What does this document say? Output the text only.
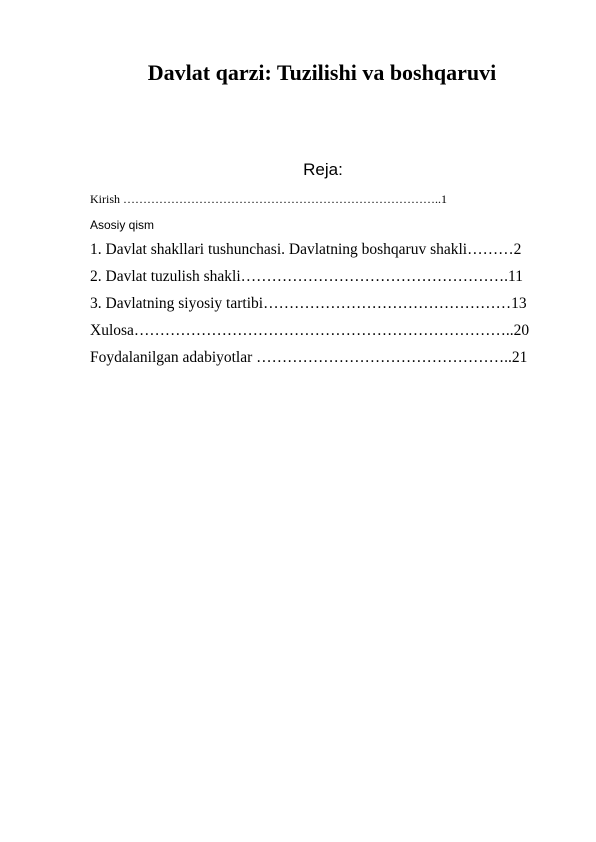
Davlat qarzi: Tuzilishi va boshqaruvi
Reja:
Kirish ……………………………………………………………………..1
Asosiy qism
1. Davlat shakllari tushunchasi. Davlatning boshqaruv shakli………2
2. Davlat tuzulish shakli…………………………………………….11
3. Davlatning siyosiy tartibi…………………………………………13
Xulosa………………………………………………………………..20
Foydalanilgan adabiyotlar …………………………………………..21
